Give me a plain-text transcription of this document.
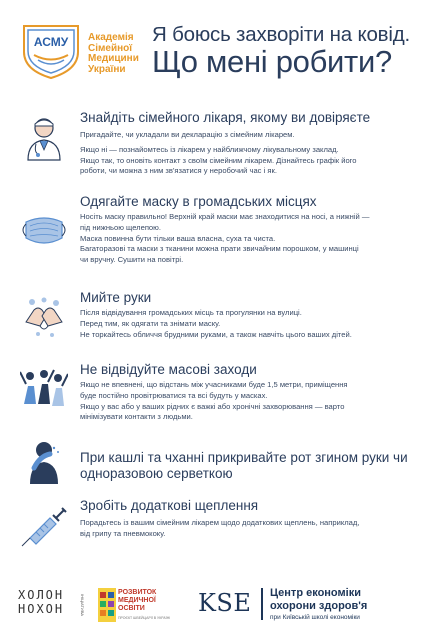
АСМУ Академія Сімейної Медицини України
Я боюсь захворіти на ковід.
Що мені робити?
Знайдіть сімейного лікаря, якому ви довіряєте

Пригадайте, чи укладали ви декларацію з сімейним лікарем.

Якщо ні — познайомтесь із лікарем у найближчому лікувальному заклад.

Якщо так, то оновіть контакт з своїм сімейним лікарем. Дізнайтесь графік його

роботи, чи можна з ним зв'язатися у неробочий час і як.

Одягайте маску в громадських місцях

Носіть маску правильно! Верхній край маски має знаходитися на носі, а нижній —

під нижньою щелепою.

Маска повинна бути тільки ваша власна, суха та чиста.

Багаторазові та маски з тканини можна прати звичайним порошком, у машинці

чи вручну. Сушити на повітрі.

Мийте руки

Після відвідування громадських місць та прогулянки на вулиці.

Перед тим, як одягати та знімати маску.

Не торкайтесь обличчя брудними руками, а також навчіть цього ваших дітей.

Не відвідуйте масові заходи

Якщо не впевнені, що відстань між учасниками буде 1,5 метри, приміщення

буде постійно провітрюватися та всі будуть у масках.

Якщо у вас або у ваших рідних є важкі або хронічні захворювання — варто

мінімізувати контакти з людьми.

При кашлі та чханні прикривайте рот згином руки чи
одноразовою серветкою
Зробіть додаткові щеплення

Порадьтесь із вашим сімейним лікарем щодо додаткових щеплень, наприклад,

від грипу та пневмококу.

ХОЛОН
НОХОН	ІНІЦІАТИВА
РОЗВИТОК МЕДИЧНОЇ ОСВІТИ
ПРОЄКТ ШВЕЙЦАРІЇ В УКРАЇНІ
KSE Центр економіки
охорони здоров'я
при Київській школі економіки
